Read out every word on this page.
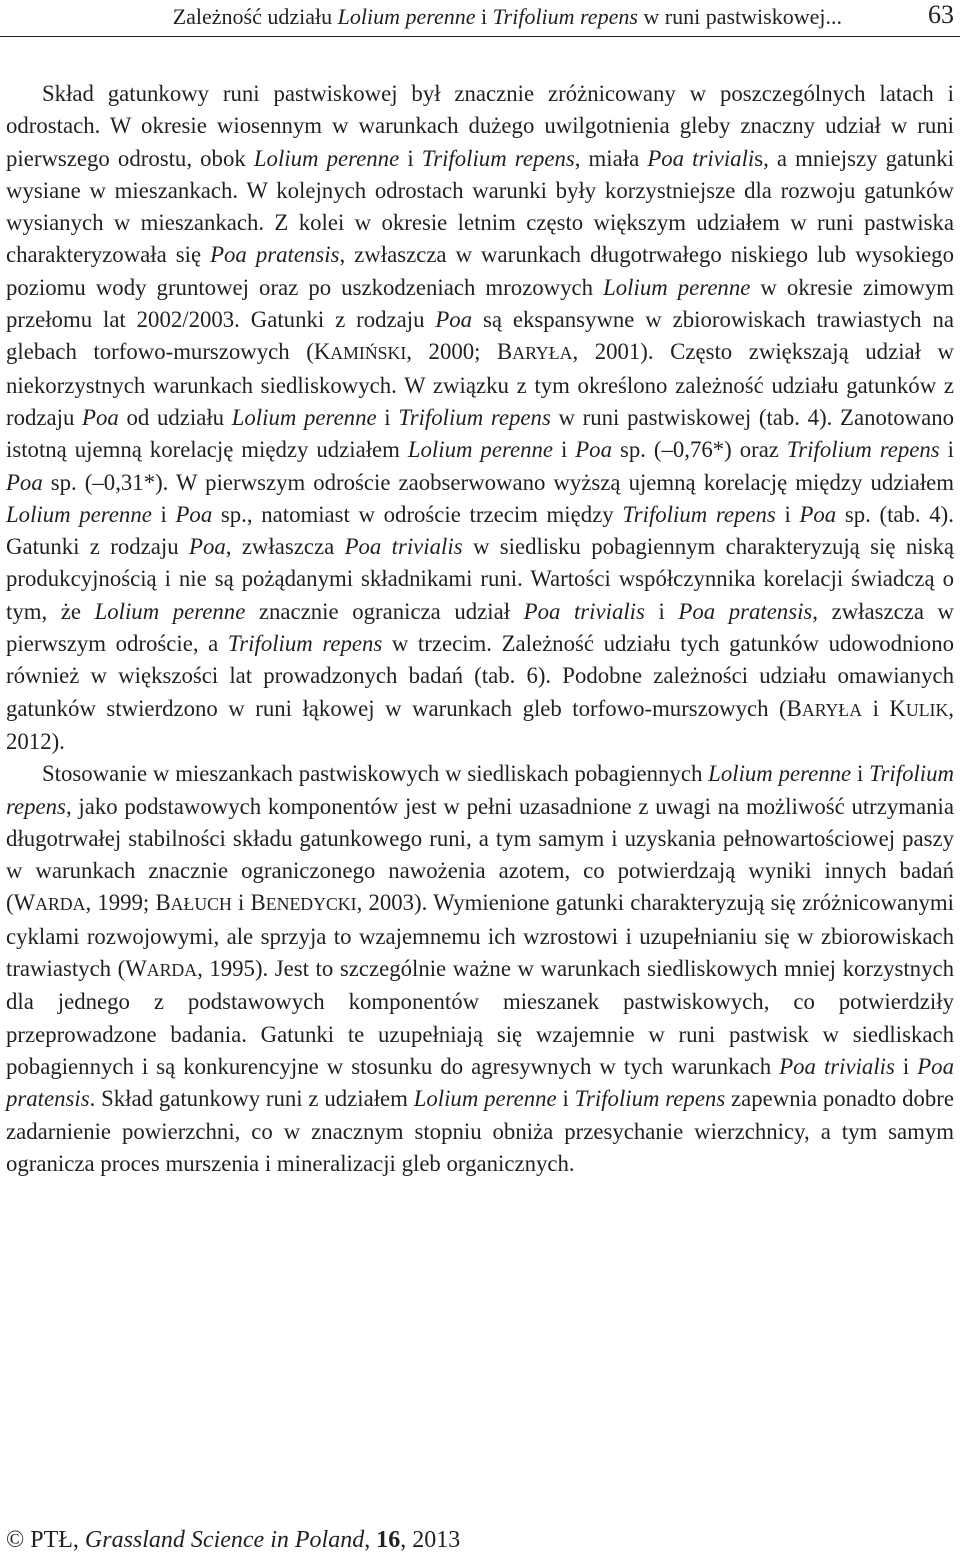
Zależność udziału Lolium perenne i Trifolium repens w runi pastwiskowej...	63

Skład gatunkowy runi pastwiskowej był znacznie zróżnicowany w poszczególnych latach i odrostach. W okresie wiosennym w warunkach dużego uwilgotnienia gleby znaczny udział w runi pierwszego odrostu, obok Lolium perenne i Trifolium repens, miała Poa trivialis, a mniejszy gatunki wysiane w mieszankach. W kolejnych odrostach warunki były korzystniejsze dla rozwoju gatunków wysianych w mieszankach. Z kolei w okresie letnim często większym udziałem w runi pastwiska charakteryzowała się Poa pratensis, zwłaszcza w warunkach długotrwałego niskiego lub wysokiego poziomu wody gruntowej oraz po uszkodzeniach mrozowych Lolium perenne w okresie zimowym przełomu lat 2002/2003. Gatunki z rodzaju Poa są ekspansywne w zbiorowiskach trawiastych na glebach torfowo-murszowych (KAMIŃSKI, 2000; BARYŁA, 2001). Często zwiększają udział w niekorzystnych warunkach siedliskowych. W związku z tym określono zależność udziału gatunków z rodzaju Poa od udziału Lolium perenne i Trifolium repens w runi pastwiskowej (tab. 4). Zanotowano istotną ujemną korelację między udziałem Lolium perenne i Poa sp. (–0,76*) oraz Trifolium repens i Poa sp. (–0,31*). W pierwszym odroście zaobserwowano wyższą ujemną korelację między udziałem Lolium perenne i Poa sp., natomiast w odroście trzecim między Trifolium repens i Poa sp. (tab. 4). Gatunki z rodzaju Poa, zwłaszcza Poa trivialis w siedlisku pobagiennym charakteryzują się niską produkcyjnością i nie są pożądanymi składnikami runi. Wartości współczynnika korelacji świadczą o tym, że Lolium perenne znacznie ogranicza udział Poa trivialis i Poa pratensis, zwłaszcza w pierwszym odroście, a Trifolium repens w trzecim. Zależność udziału tych gatunków udowodniono również w większości lat prowadzonych badań (tab. 6). Podobne zależności udziału omawianych gatunków stwierdzono w runi łąkowej w warunkach gleb torfowo-murszowych (BARYŁA i KULIK, 2012).

Stosowanie w mieszankach pastwiskowych w siedliskach pobagiennych Lolium perenne i Trifolium repens, jako podstawowych komponentów jest w pełni uzasadnione z uwagi na możliwość utrzymania długotrwałej stabilności składu gatunkowego runi, a tym samym i uzyskania pełnowartościowej paszy w warunkach znacznie ograniczonego nawożenia azotem, co potwierdzają wyniki innych badań (WARDA, 1999; BAŁUCH i BENEDYCKI, 2003). Wymienione gatunki charakteryzują się zróżnicowanymi cyklami rozwojowymi, ale sprzyja to wzajemnemu ich wzrostowi i uzupełnianiu się w zbiorowiskach trawiastych (WARDA, 1995). Jest to szczególnie ważne w warunkach siedliskowych mniej korzystnych dla jednego z podstawowych komponentów mieszanek pastwiskowych, co potwierdziły przeprowadzone badania. Gatunki te uzupełniają się wzajemnie w runi pastwisk w siedliskach pobagiennych i są konkurencyjne w stosunku do agresywnych w tych warunkach Poa trivialis i Poa pratensis. Skład gatunkowy runi z udziałem Lolium perenne i Trifolium repens zapewnia ponadto dobre zadarnienie powierzchni, co w znacznym stopniu obniża przesychanie wierzchnicy, a tym samym ogranicza proces murszenia i mineralizacji gleb organicznych.

© PTŁ, Grassland Science in Poland, 16, 2013
